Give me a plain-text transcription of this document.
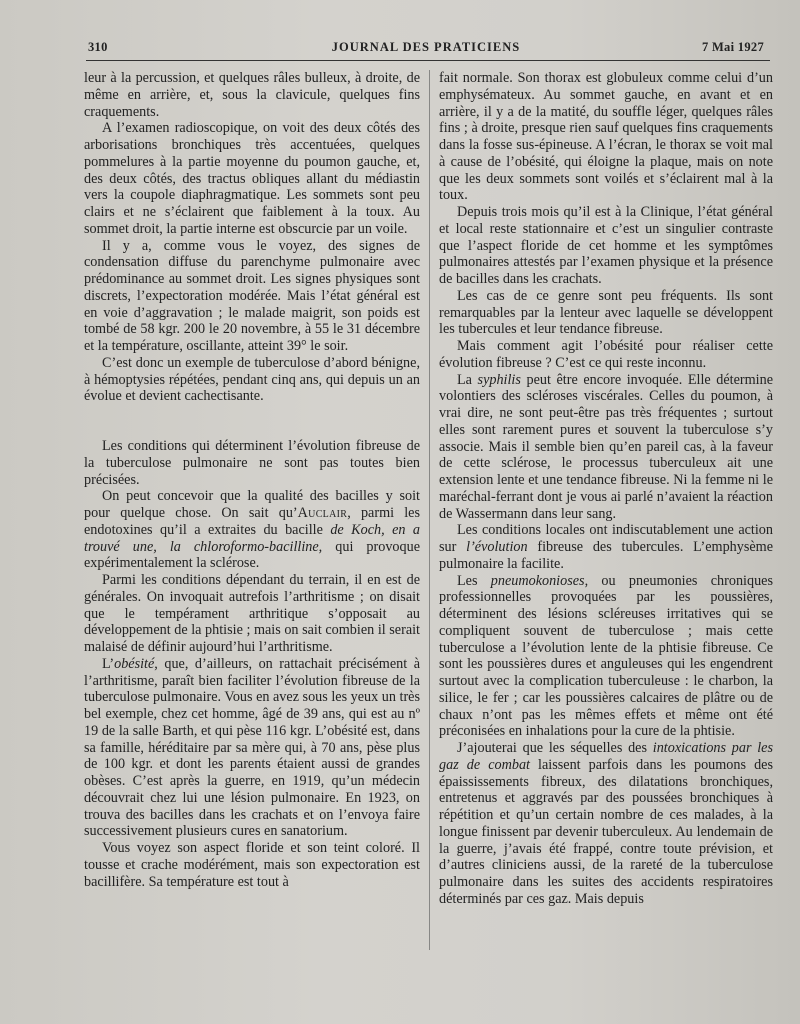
310	JOURNAL DES PRATICIENS	7 Mai 1927

leur à la percussion, et quelques râles bulleux, à droite, de même en arrière, et, sous la clavicule, quelques fins craquements.

A l’examen radioscopique, on voit des deux côtés des arborisations bronchiques très accentuées, quelques pommelures à la partie moyenne du poumon gauche, et, des deux côtés, des tractus obliques allant du médiastin vers la coupole diaphragmatique. Les sommets sont peu clairs et ne s’éclairent que faiblement à la toux. Au sommet droit, la partie interne est obscurcie par un voile.

Il y a, comme vous le voyez, des signes de condensation diffuse du parenchyme pulmonaire avec prédominance au sommet droit. Les signes physiques sont discrets, l’expectoration modérée. Mais l’état général est en voie d’aggravation ; le malade maigrit, son poids est tombé de 58 kgr. 200 le 20 novembre, à 55 le 31 décembre et la température, oscillante, atteint 39° le soir.

C’est donc un exemple de tuberculose d’abord bénigne, à hémoptysies répétées, pendant cinq ans, qui depuis un an évolue et devient cachectisante.

Les conditions qui déterminent l’évolution fibreuse de la tuberculose pulmonaire ne sont pas toutes bien précisées.

On peut concevoir que la qualité des bacilles y soit pour quelque chose. On sait qu’Auclair, parmi les endotoxines qu’il a extraites du bacille de Koch, en a trouvé une, la chloroformo-bacilline, qui provoque expérimentalement la sclérose.

Parmi les conditions dépendant du terrain, il en est de générales. On invoquait autrefois l’arthritisme ; on disait que le tempérament arthritique s’opposait au développement de la phtisie ; mais on sait combien il serait malaisé de définir aujourd’hui l’arthritisme.

L’obésité, que, d’ailleurs, on rattachait précisément à l’arthritisme, paraît bien faciliter l’évolution fibreuse de la tuberculose pulmonaire. Vous en avez sous les yeux un très bel exemple, chez cet homme, âgé de 39 ans, qui est au nº 19 de la salle Barth, et qui pèse 116 kgr. L’obésité est, dans sa famille, héréditaire par sa mère qui, à 70 ans, pèse plus de 100 kgr. et dont les parents étaient aussi de grandes obèses. C’est après la guerre, en 1919, qu’un médecin découvrait chez lui une lésion pulmonaire. En 1923, on trouva des bacilles dans les crachats et on l’envoya faire successivement plusieurs cures en sanatorium.

Vous voyez son aspect floride et son teint coloré. Il tousse et crache modérément, mais son expectoration est bacillifère. Sa température est tout à

fait normale. Son thorax est globuleux comme celui d’un emphysémateux. Au sommet gauche, en avant et en arrière, il y a de la matité, du souffle léger, quelques râles fins ; à droite, presque rien sauf quelques fins craquements dans la fosse sus-épineuse. A l’écran, le thorax se voit mal à cause de l’obésité, qui éloigne la plaque, mais on note que les deux sommets sont voilés et s’éclairent mal à la toux.

Depuis trois mois qu’il est à la Clinique, l’état général et local reste stationnaire et c’est un singulier contraste que l’aspect floride de cet homme et les symptômes pulmonaires attestés par l’examen physique et la présence de bacilles dans les crachats.

Les cas de ce genre sont peu fréquents. Ils sont remarquables par la lenteur avec laquelle se développent les tubercules et leur tendance fibreuse.

Mais comment agit l’obésité pour réaliser cette évolution fibreuse ? C’est ce qui reste inconnu.

La syphilis peut être encore invoquée. Elle détermine volontiers des scléroses viscérales. Celles du poumon, à vrai dire, ne sont peut-être pas très fréquentes ; surtout elles sont rarement pures et souvent la tuberculose s’y associe. Mais il semble bien qu’en pareil cas, à la faveur de cette sclérose, le processus tuberculeux ait une extension lente et une tendance fibreuse. Ni la femme ni le maréchal-ferrant dont je vous ai parlé n’avaient la réaction de Wassermann dans leur sang.

Les conditions locales ont indiscutablement une action sur l’évolution fibreuse des tubercules. L’emphysème pulmonaire la facilite.

Les pneumokonioses, ou pneumonies chroniques professionnelles provoquées par les poussières, déterminent des lésions scléreuses irritatives qui se compliquent souvent de tuberculose ; mais cette tuberculose a l’évolution lente de la phtisie fibreuse. Ce sont les poussières dures et anguleuses qui les engendrent surtout avec la complication tuberculeuse : le charbon, la silice, le fer ; car les poussières calcaires de plâtre ou de chaux n’ont pas les mêmes effets et même ont été préconisées en inhalations pour la cure de la phtisie.

J’ajouterai que les séquelles des intoxications par les gaz de combat laissent parfois dans les poumons des épaississements fibreux, des dilatations bronchiques, entretenus et aggravés par des poussées bronchiques à répétition et qu’un certain nombre de ces malades, à la longue finissent par devenir tuberculeux. Au lendemain de la guerre, j’avais été frappé, contre toute prévision, et d’autres cliniciens aussi, de la rareté de la tuberculose pulmonaire dans les suites des accidents respiratoires déterminés par ces gaz. Mais depuis
